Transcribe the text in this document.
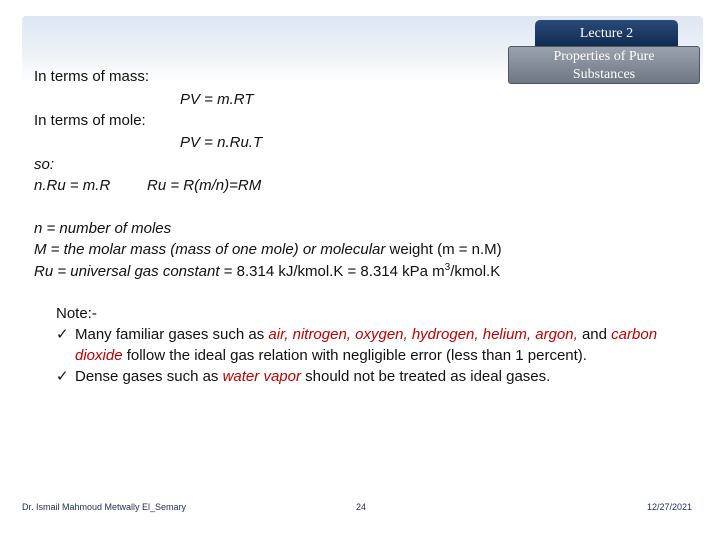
Lecture 2
Properties of Pure
Substances
In terms of mass:
PV = m.RT
In terms of mole:
PV = n.Ru.T
so:
n.Ru = m.R Ru = R(m/n)=RM
n = number of moles
M = the molar mass (mass of one mole) or molecular weight (m = n.M)
Ru = universal gas constant = 8.314 kJ/kmol.K = 8.314 kPa $m^3/kmol.K$
Note:-
✓ Many familiar gases such as air, nitrogen, oxygen, hydrogen, helium, argon, and carbon dioxide follow the ideal gas relation with negligible error (less than 1 percent).
✓ Dense gases such as water vapor should not be treated as ideal gases.
Dr. Ismail Mahmoud Metwally El_Semary	24	12/27/2021
